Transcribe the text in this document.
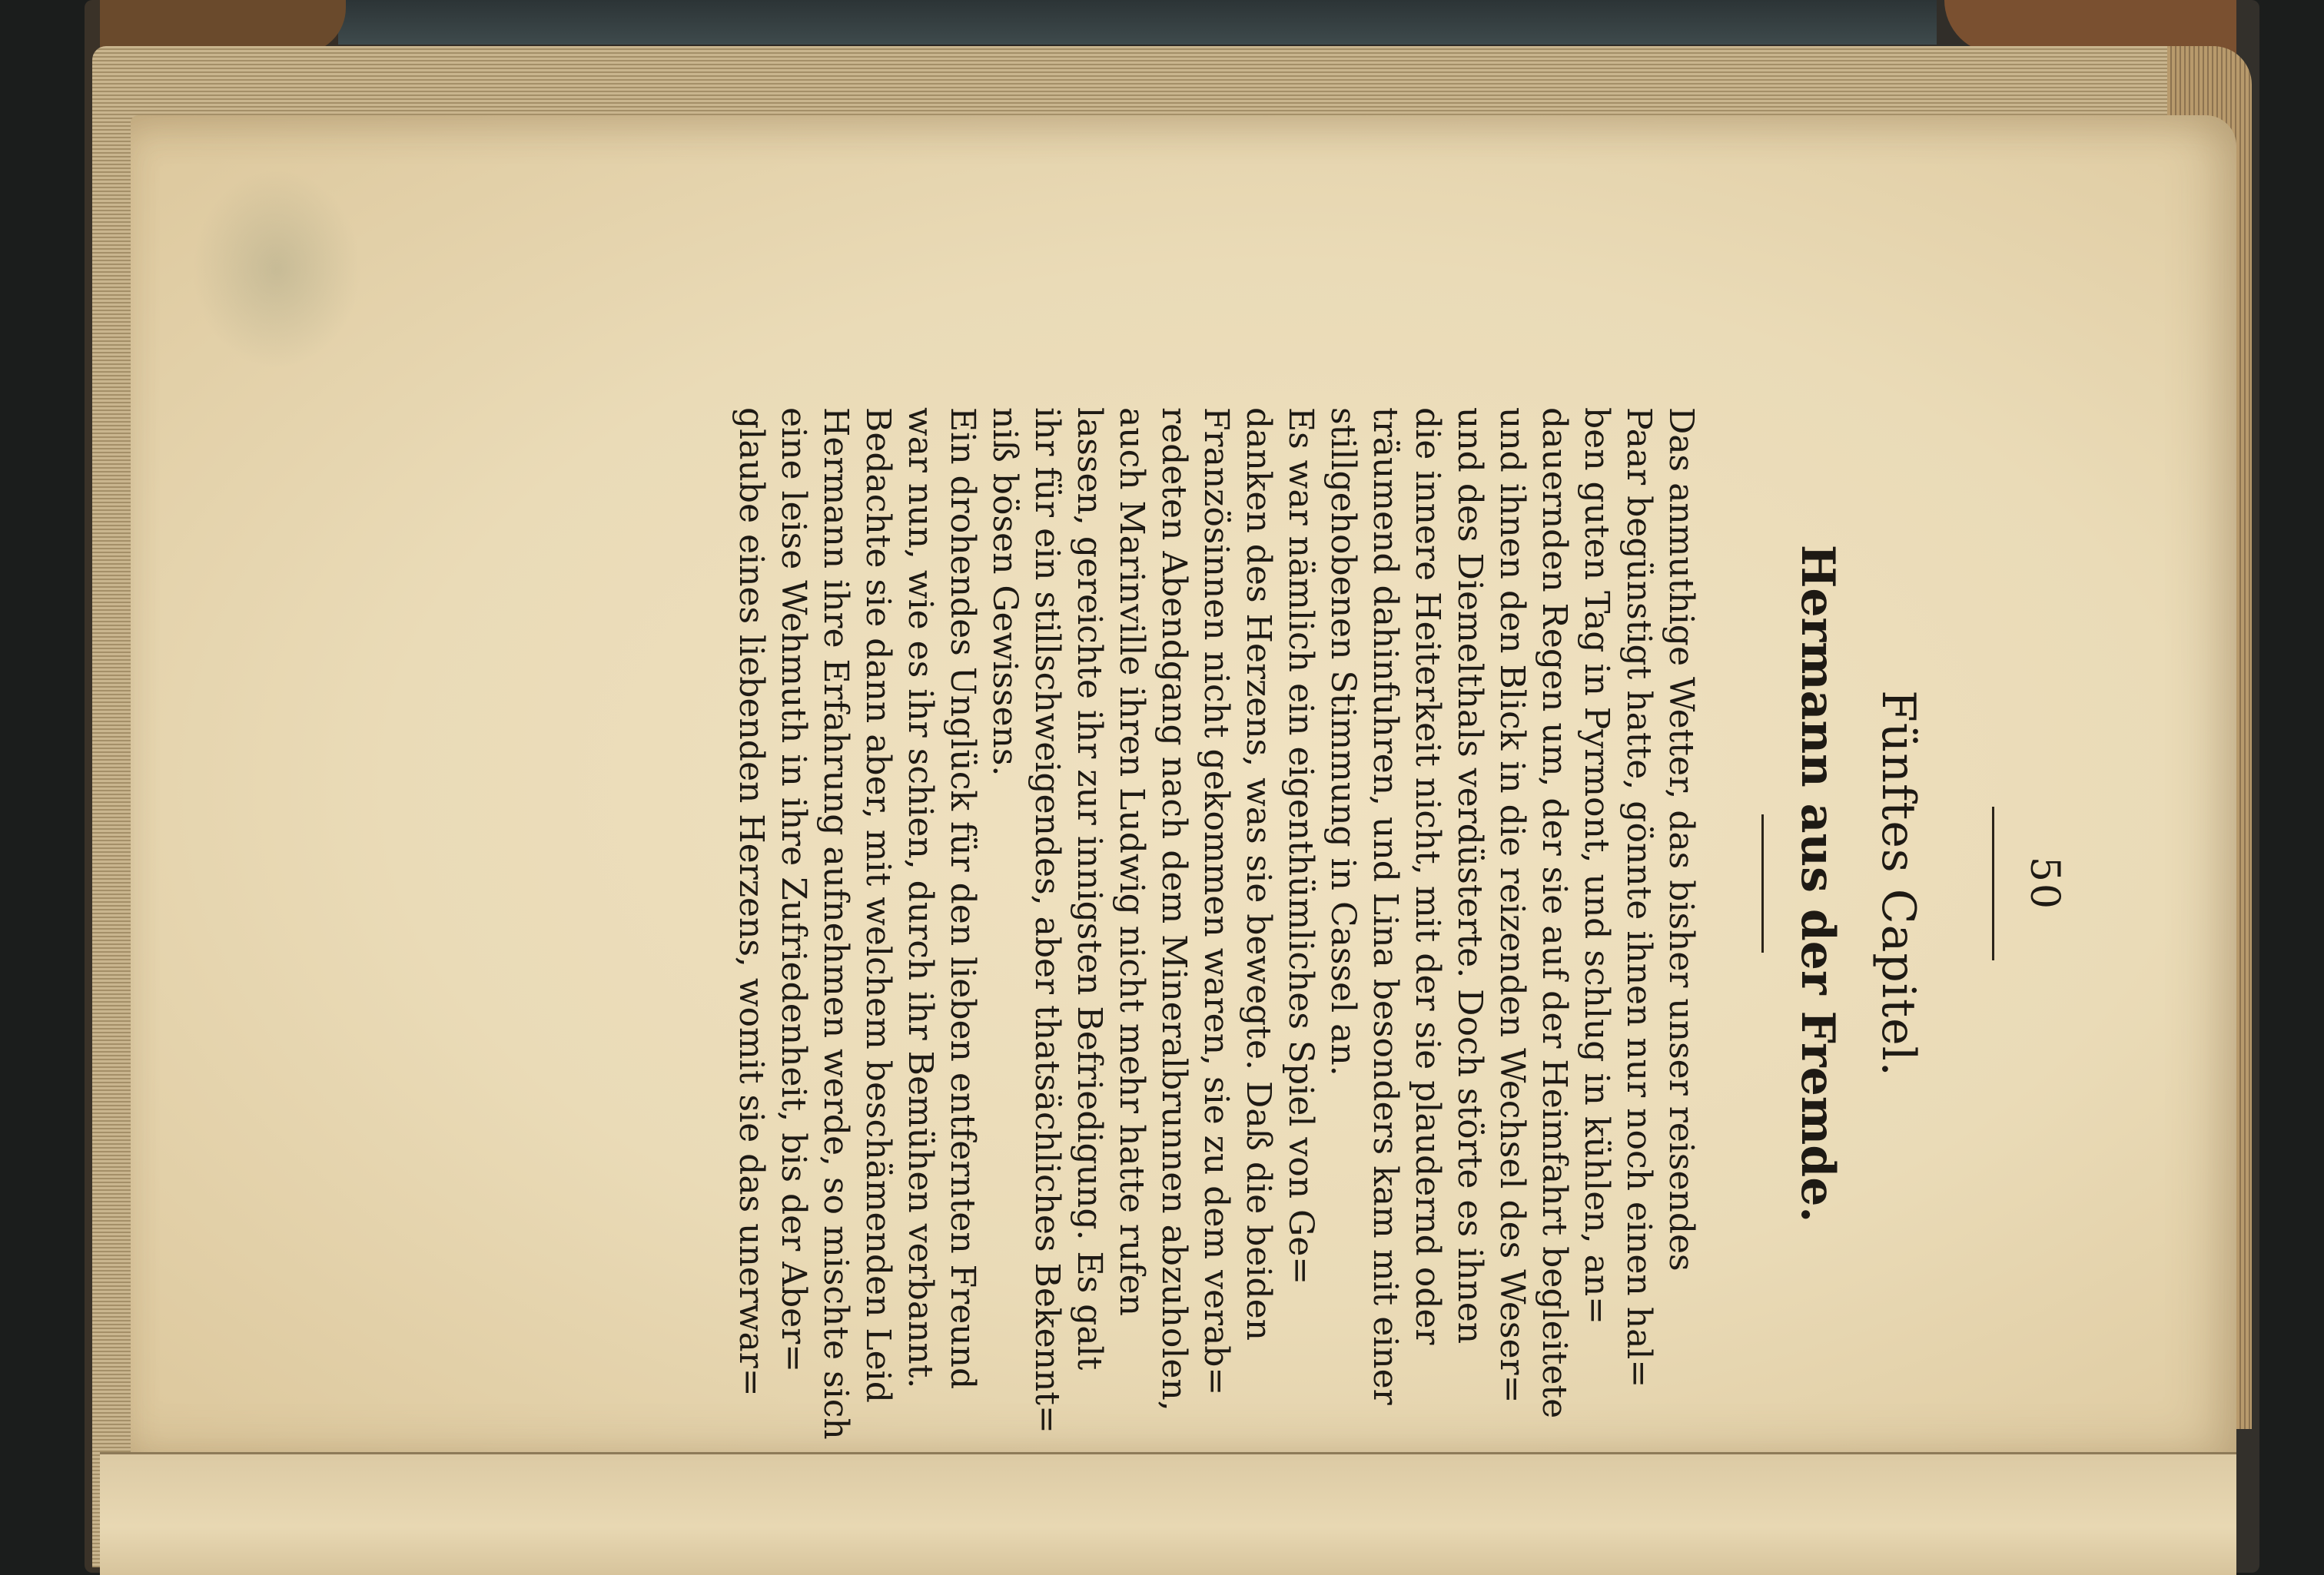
50
Fünftes Capitel.
Hermann aus der Fremde.

Das anmuthige Wetter, das bisher unser reisendes
Paar begünstigt hatte, gönnte ihnen nur noch einen hal=
ben guten Tag in Pyrmont, und schlug in kühlen, an=
dauernden Regen um, der sie auf der Heimfahrt begleitete
und ihnen den Blick in die reizenden Wechsel des Weser=
und des Diemelthals verdüsterte. Doch störte es ihnen
die innere Heiterkeit nicht, mit der sie plaudernd oder
träumend dahinfuhren, und Lina besonders kam mit einer
stillgehobenen Stimmung in Cassel an.

Es war nämlich ein eigenthümliches Spiel von Ge=
danken des Herzens, was sie bewegte. Daß die beiden
Französinnen nicht gekommen waren, sie zu dem verab=
redeten Abendgang nach dem Mineralbrunnen abzuholen,
auch Marinville ihren Ludwig nicht mehr hatte rufen
lassen, gereichte ihr zur innigsten Befriedigung. Es galt
ihr für ein stillschweigendes, aber thatsächliches Bekennt=
niß bösen Gewissens.

Ein drohendes Unglück für den lieben entfernten Freund
war nun, wie es ihr schien, durch ihr Bemühen verbannt.
Bedachte sie dann aber, mit welchem beschämenden Leid
Hermann ihre Erfahrung aufnehmen werde, so mischte sich
eine leise Wehmuth in ihre Zufriedenheit, bis der Aber=
glaube eines liebenden Herzens, womit sie das unerwar=
